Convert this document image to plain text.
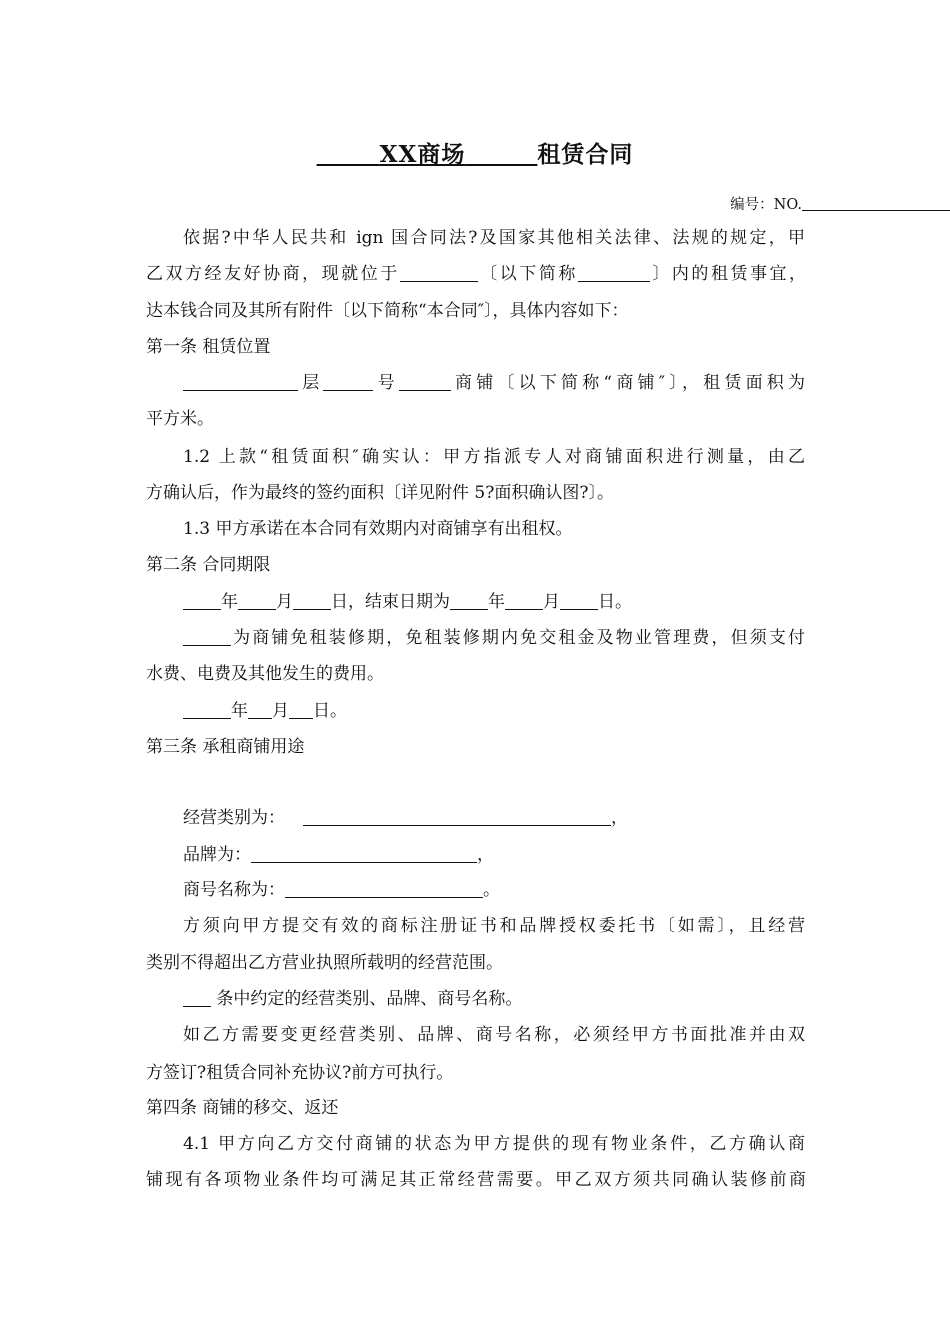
XX商场	租赁合同
编号：NO.
依据?中华人民共和 ign 国合同法?及国家其他相关法律、法规的规定，甲
乙双方经友好协商，现就位于	〔以下简称	〕内的租赁事宜，
达本钱合同及其所有附件〔以下简称“本合同″〕，具体内容如下：
第一条 租赁位置
层	号	商铺〔以下简称“商铺″〕，租赁面积为
平方米。
1.2 上款“租赁面积″确实认：甲方指派专人对商铺面积进行测量，由乙
方确认后，作为最终的签约面积〔详见附件 5?面积确认图?〕。
1.3 甲方承诺在本合同有效期内对商铺享有出租权。
第二条 合同期限
年 月 日，结束日期为 年 月 日。
为商铺免租装修期，免租装修期内免交租金及物业管理费，但须支付
水费、电费及其他发生的费用。
年 月 日。
第三条 承租商铺用途
经营类别为：	，
品牌为：	，
商号名称为：	。
方须向甲方提交有效的商标注册证书和品牌授权委托书〔如需〕，且经营
类别不得超出乙方营业执照所载明的经营范围。
条中约定的经营类别、品牌、商号名称。
如乙方需要变更经营类别、品牌、商号名称，必须经甲方书面批准并由双
方签订?租赁合同补充协议?前方可执行。
第四条 商铺的移交、返还
4.1 甲方向乙方交付商铺的状态为甲方提供的现有物业条件，乙方确认商
铺现有各项物业条件均可满足其正常经营需要。甲乙双方须共同确认装修前商
